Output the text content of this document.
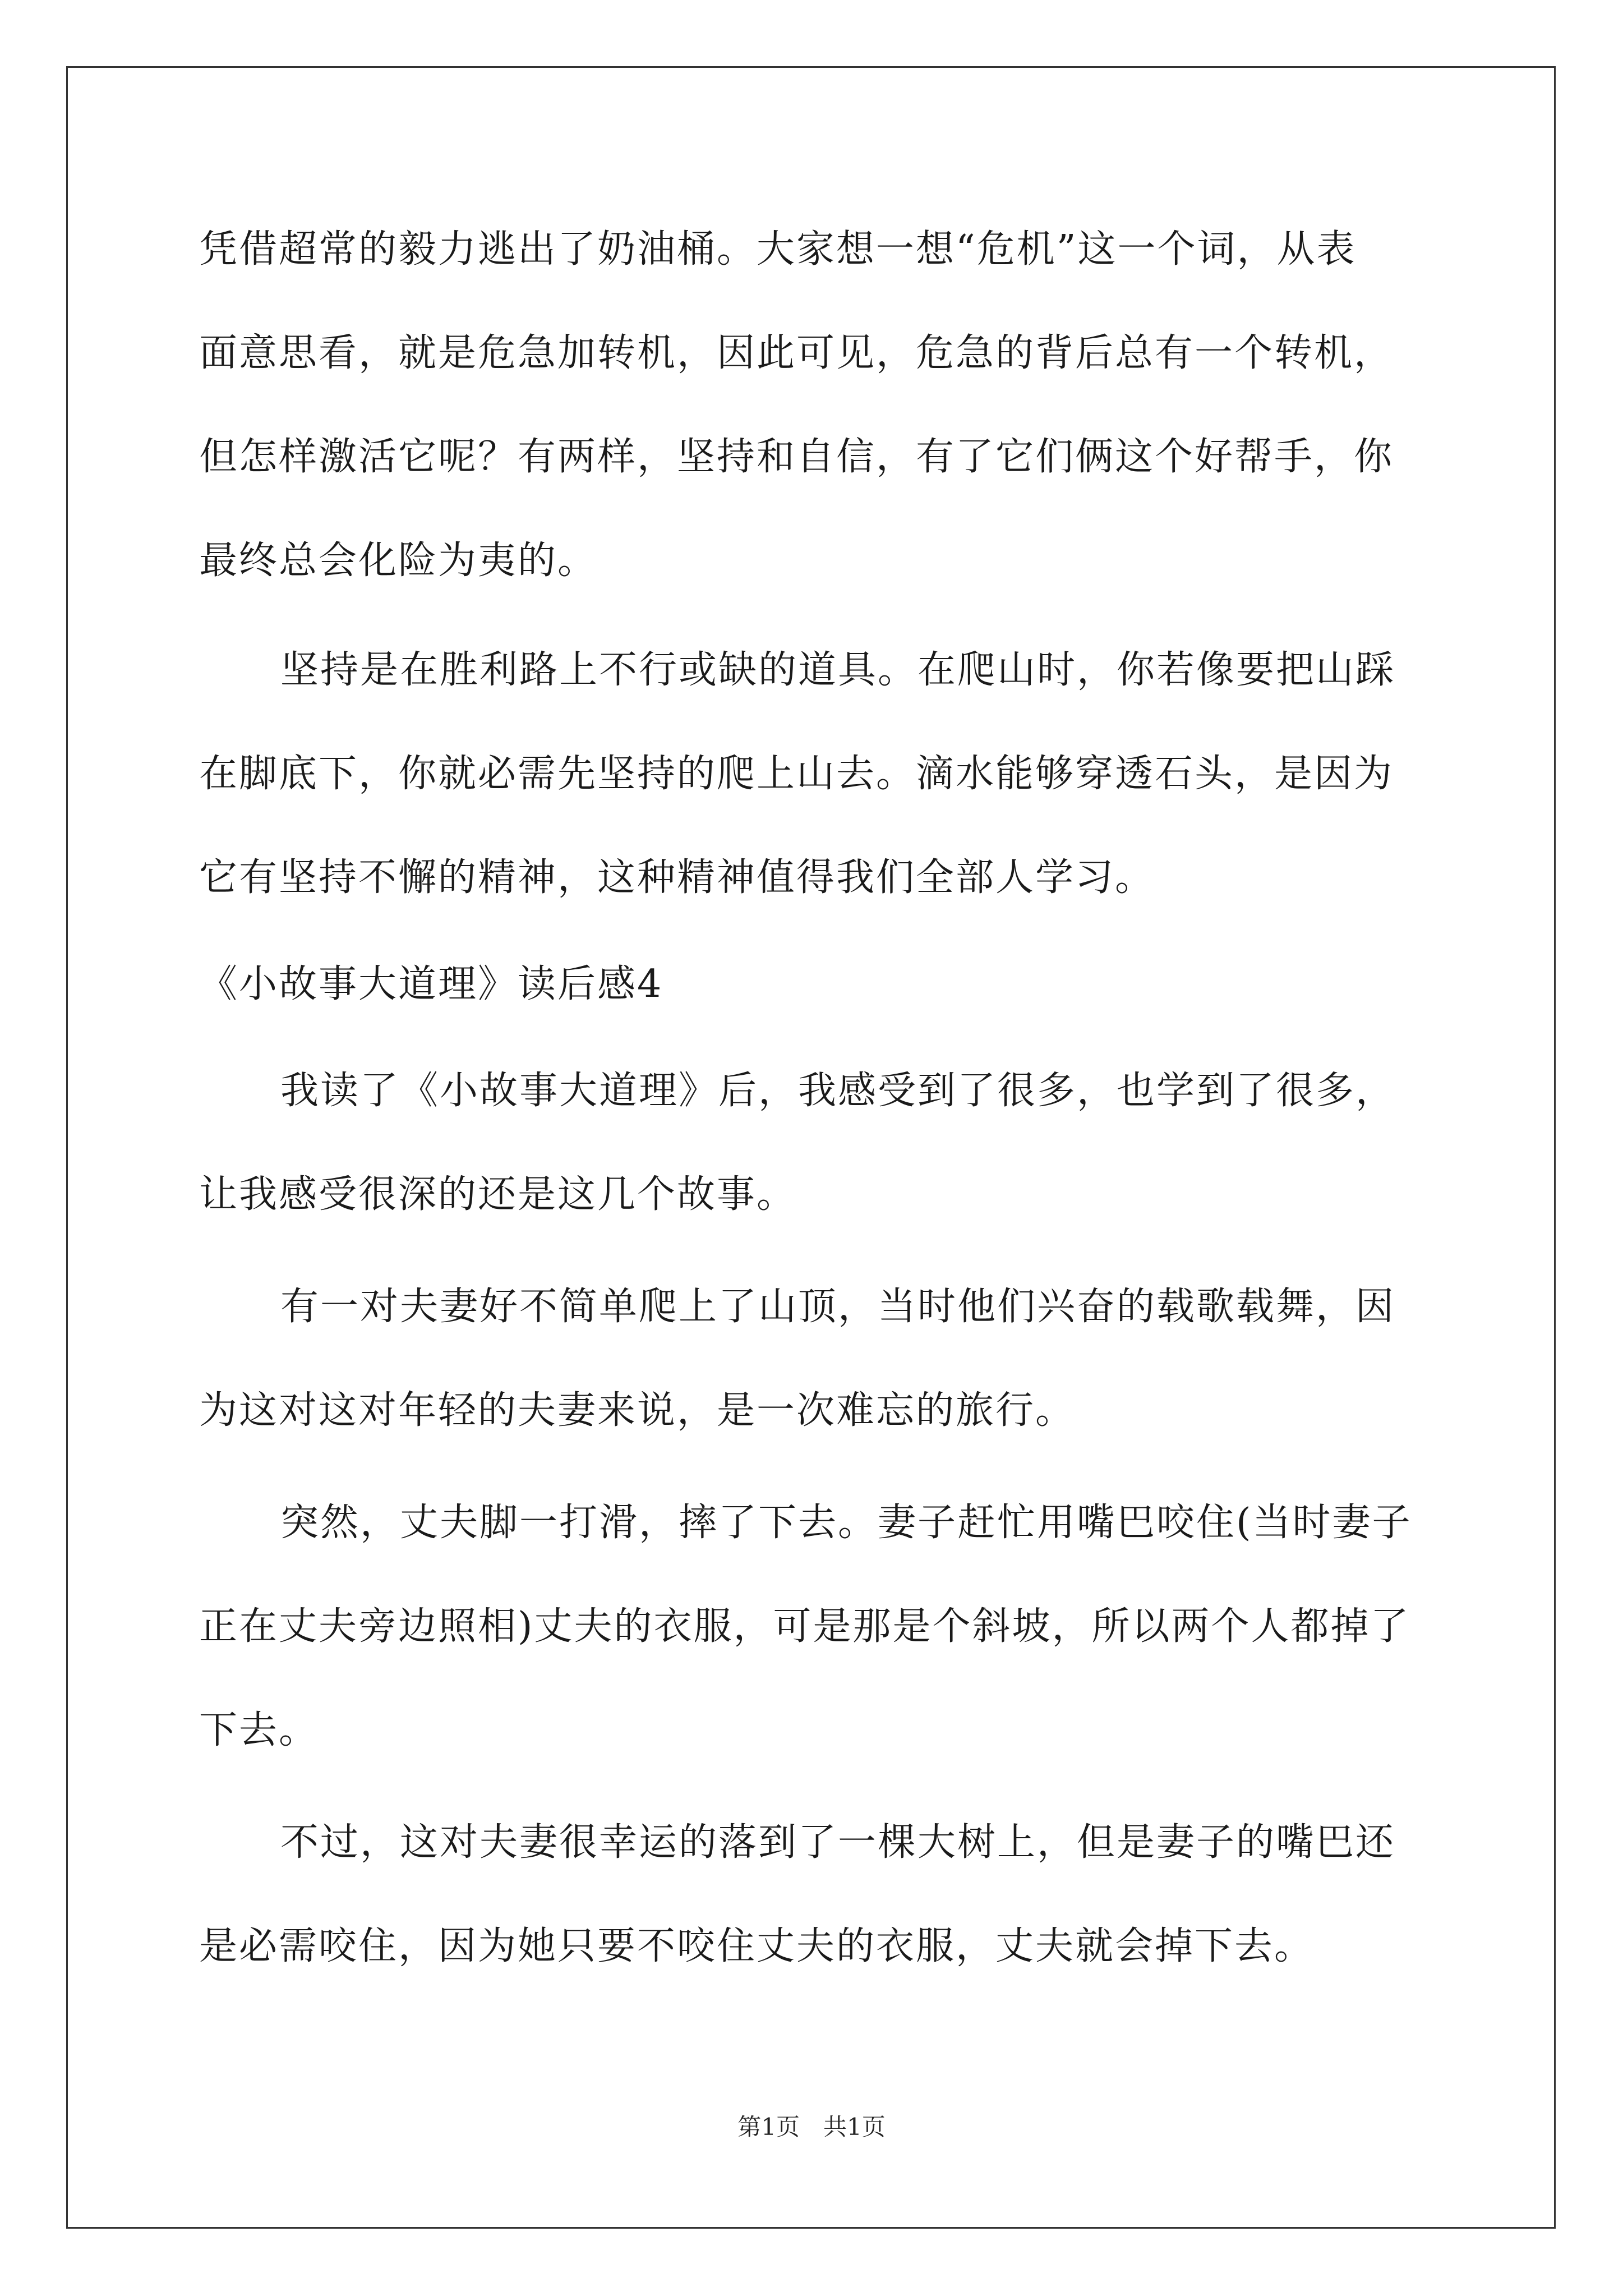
凭借超常的毅力逃出了奶油桶。大家想一想“危机”这一个词，从表
面意思看，就是危急加转机，因此可见，危急的背后总有一个转机，
但怎样激活它呢？有两样，坚持和自信，有了它们俩这个好帮手，你
最终总会化险为夷的。
坚持是在胜利路上不行或缺的道具。在爬山时，你若像要把山踩
在脚底下，你就必需先坚持的爬上山去。滴水能够穿透石头，是因为
它有坚持不懈的精神，这种精神值得我们全部人学习。
《小故事大道理》读后感4
我读了《小故事大道理》后，我感受到了很多，也学到了很多，
让我感受很深的还是这几个故事。
有一对夫妻好不简单爬上了山顶，当时他们兴奋的载歌载舞，因
为这对这对年轻的夫妻来说，是一次难忘的旅行。
突然，丈夫脚一打滑，摔了下去。妻子赶忙用嘴巴咬住(当时妻子
正在丈夫旁边照相)丈夫的衣服，可是那是个斜坡，所以两个人都掉了
下去。
不过，这对夫妻很幸运的落到了一棵大树上，但是妻子的嘴巴还
是必需咬住，因为她只要不咬住丈夫的衣服，丈夫就会掉下去。
第1页　共1页
